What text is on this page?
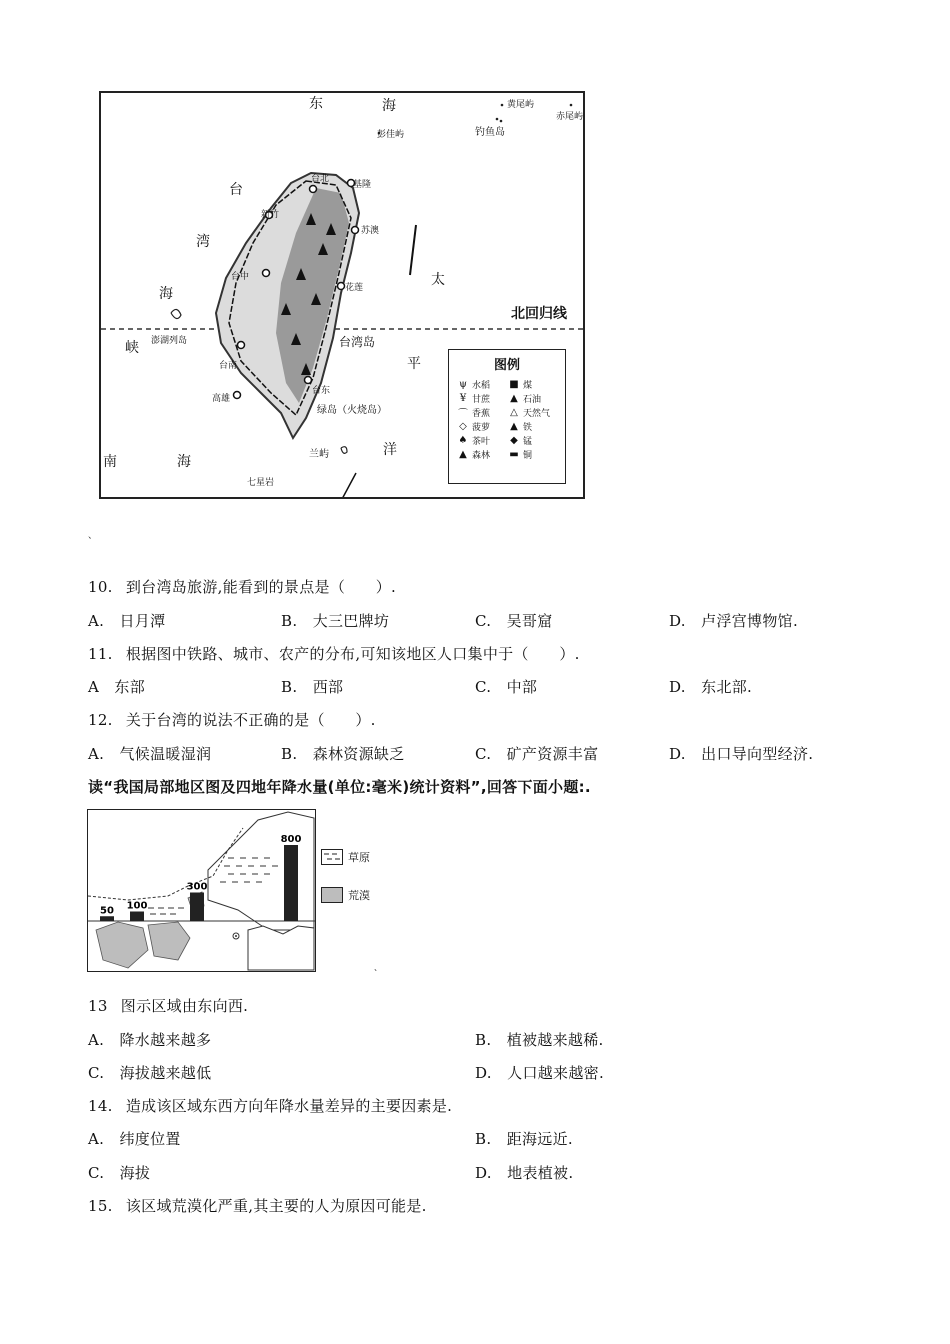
东	海	黄尾屿
赤尾屿
彭佳屿	钓鱼岛
台
湾
海
峡
南	海
台北
基隆
新竹
苏澳
台中
花莲
澎湖列岛	台湾岛
台南
台东
高雄
绿岛（火烧岛）
兰屿
七星岩
太
平
洋
北回归线
图例
ψ 水稻	■ 煤
¥ 甘蔗	▲ 石油
⌒ 香蕉	△ 天然气
◇ 菠萝	▲ 铁
♠ 茶叶	◆ 锰
▲ 森林	▬ 铜
、
10. 到台湾岛旅游,能看到的景点是（　　）.
A.　日月潭	B.　大三巴牌坊	C.　吴哥窟	D.　卢浮宫博物馆.
11. 根据图中铁路、城市、农产的分布,可知该地区人口集中于（　　）.
A　东部	B.　西部	C.　中部	D.　东北部.
12. 关于台湾的说法不正确的是（　　）.
A.　气候温暖湿润	B.　森林资源缺乏	C.　矿产资源丰富	D.　出口导向型经济.
读“我国局部地区图及四地年降水量(单位:毫米)统计资料”,回答下面小题:.
50 100
300
800
草原
荒漠
、
13 图示区域由东向西.
A.　降水越来越多	B.　植被越来越稀.
C.　海拔越来越低	D.　人口越来越密.
14. 造成该区域东西方向年降水量差异的主要因素是.
A.　纬度位置	B.　距海远近.
C.　海拔	D.　地表植被.
15. 该区域荒漠化严重,其主要的人为原因可能是.
